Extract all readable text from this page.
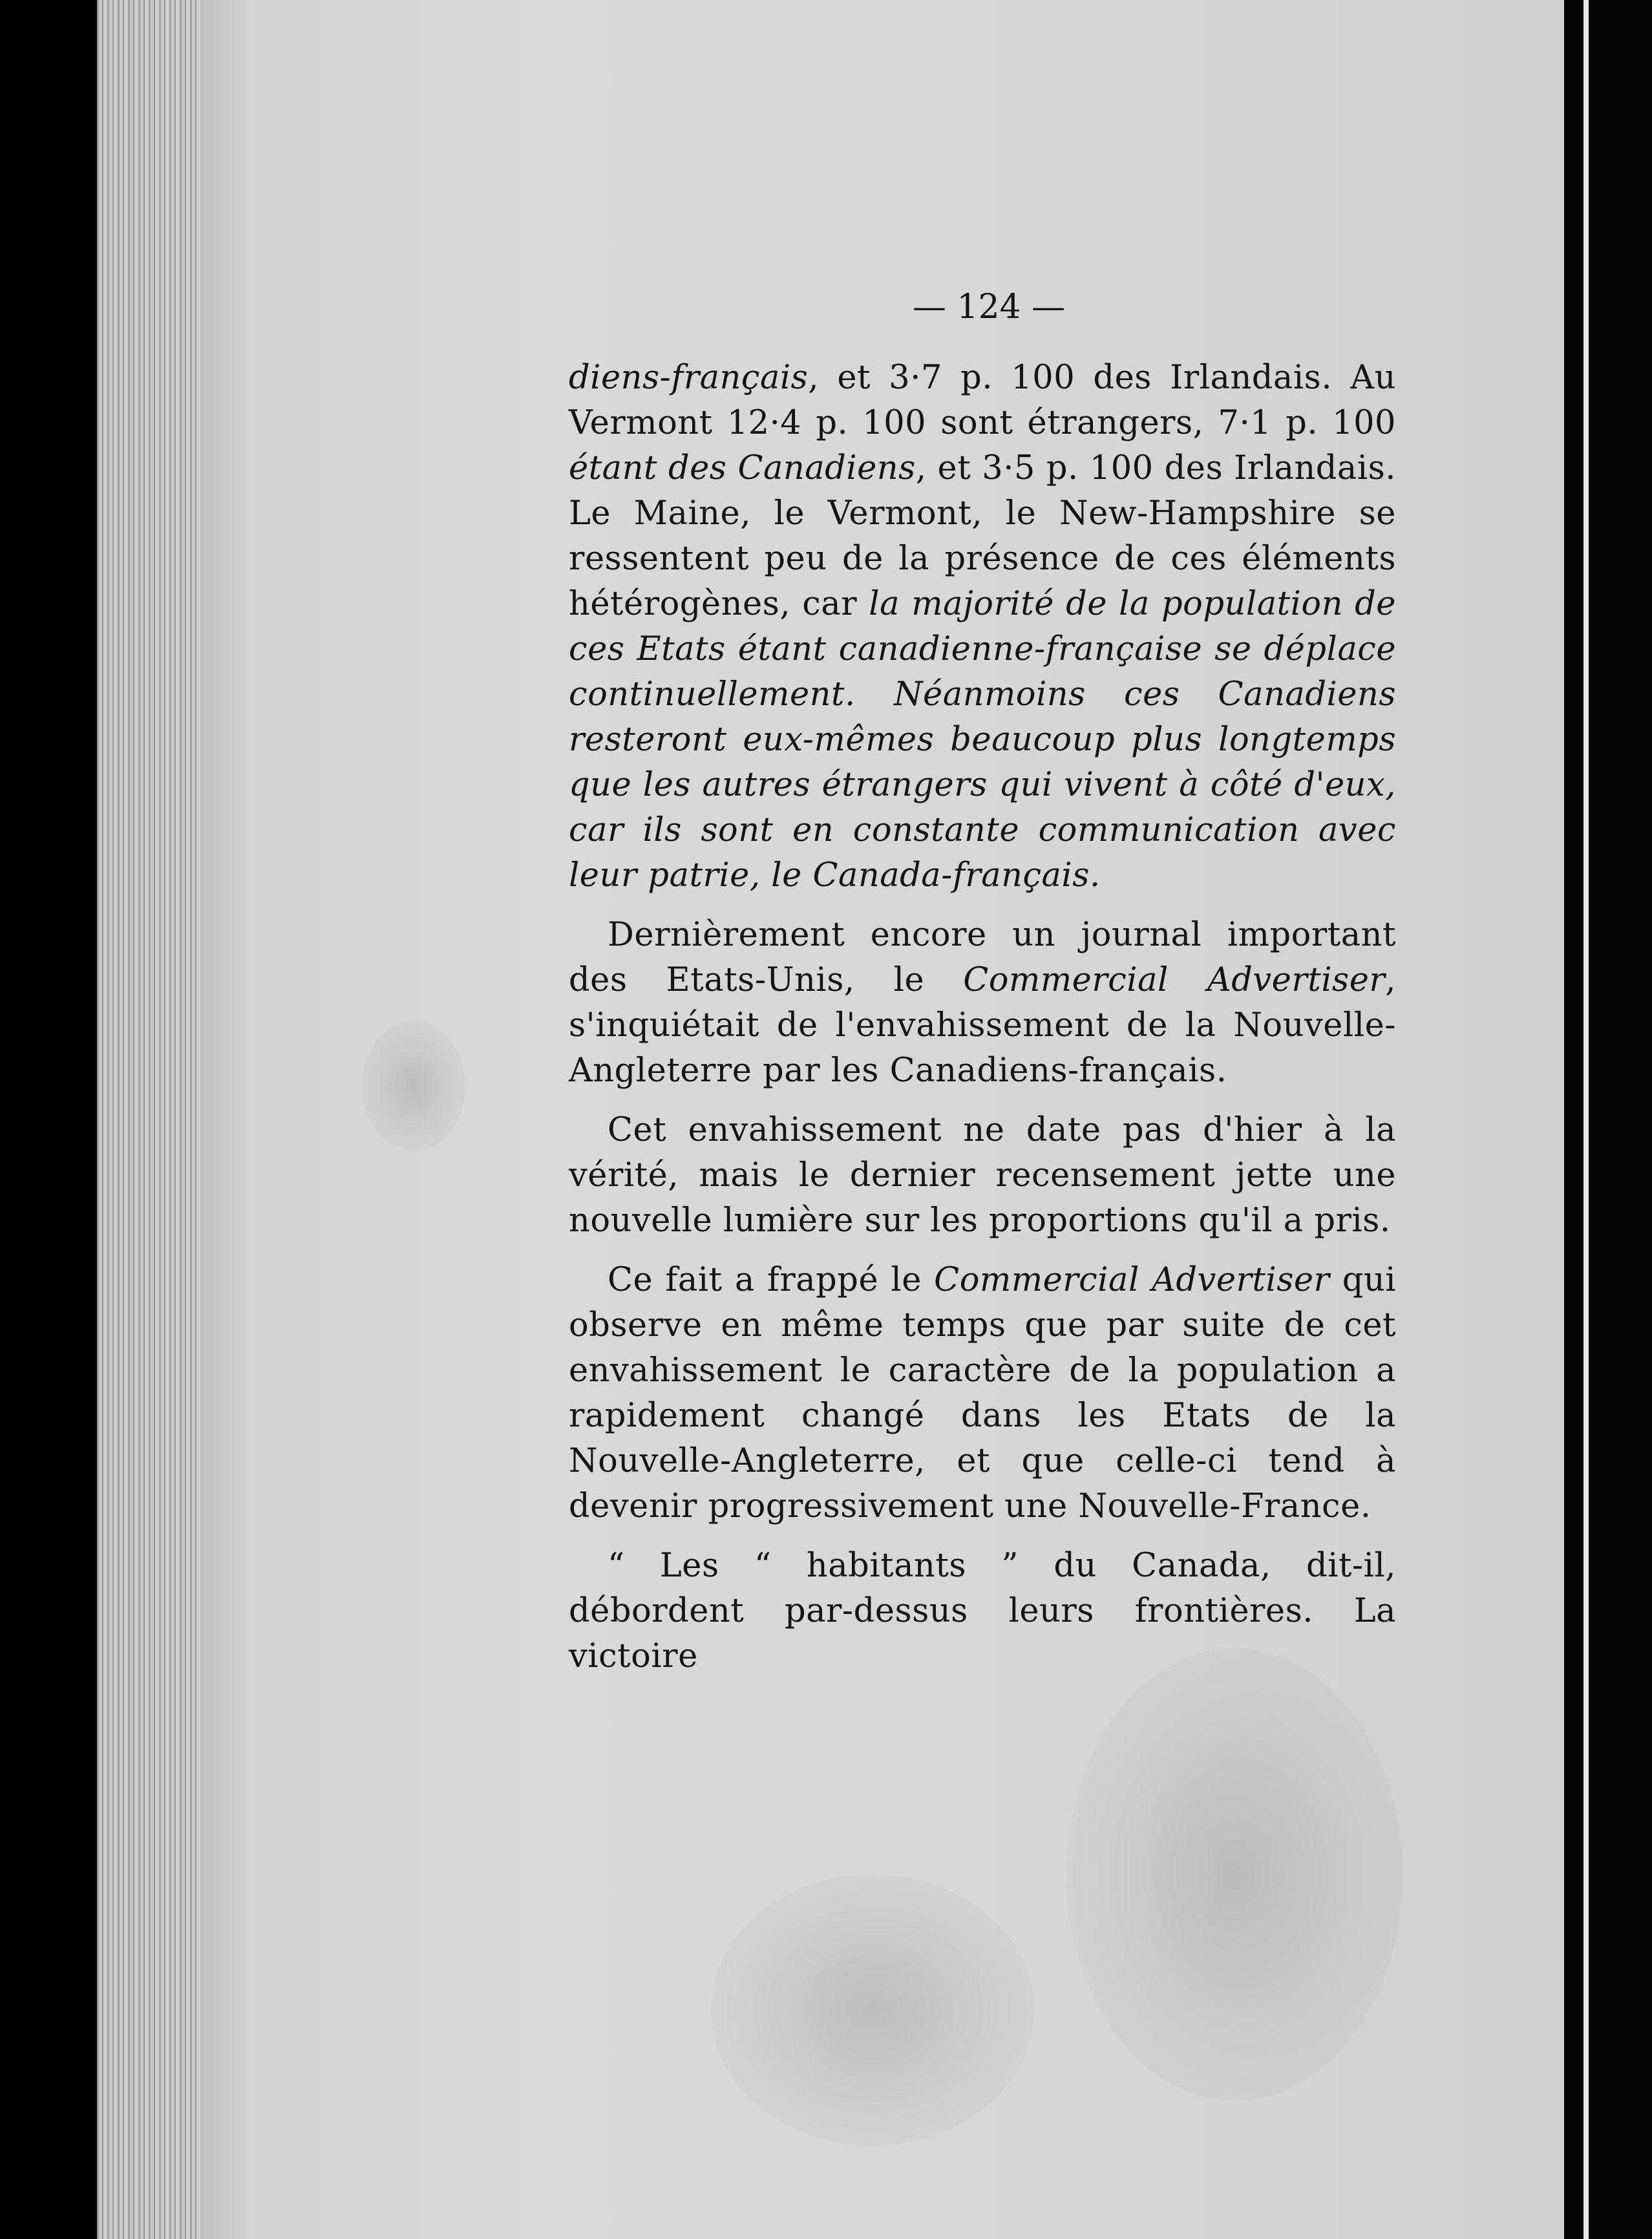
— 124 —

diens-français, et 3·7 p. 100 des Irlandais. Au Vermont 12·4 p. 100 sont étrangers, 7·1 p. 100 étant des Canadiens, et 3·5 p. 100 des Irlandais. Le Maine, le Vermont, le New-Hampshire se ressentent peu de la présence de ces éléments hétérogènes, car la majorité de la population de ces Etats étant canadienne-française se déplace continuellement. Néanmoins ces Canadiens resteront eux-mêmes beaucoup plus longtemps que les autres étrangers qui vivent à côté d'eux, car ils sont en constante communication avec leur patrie, le Canada-français.

Dernièrement encore un journal important des Etats-Unis, le Commercial Advertiser, s'inquiétait de l'envahissement de la Nouvelle-Angleterre par les Canadiens-français.

Cet envahissement ne date pas d'hier à la vérité, mais le dernier recensement jette une nouvelle lumière sur les proportions qu'il a pris.

Ce fait a frappé le Commercial Advertiser qui observe en même temps que par suite de cet envahissement le caractère de la population a rapidement changé dans les Etats de la Nouvelle-Angleterre, et que celle-ci tend à devenir progressivement une Nouvelle-France.

“ Les “ habitants ” du Canada, dit-il, débordent par-dessus leurs frontières. La victoire
